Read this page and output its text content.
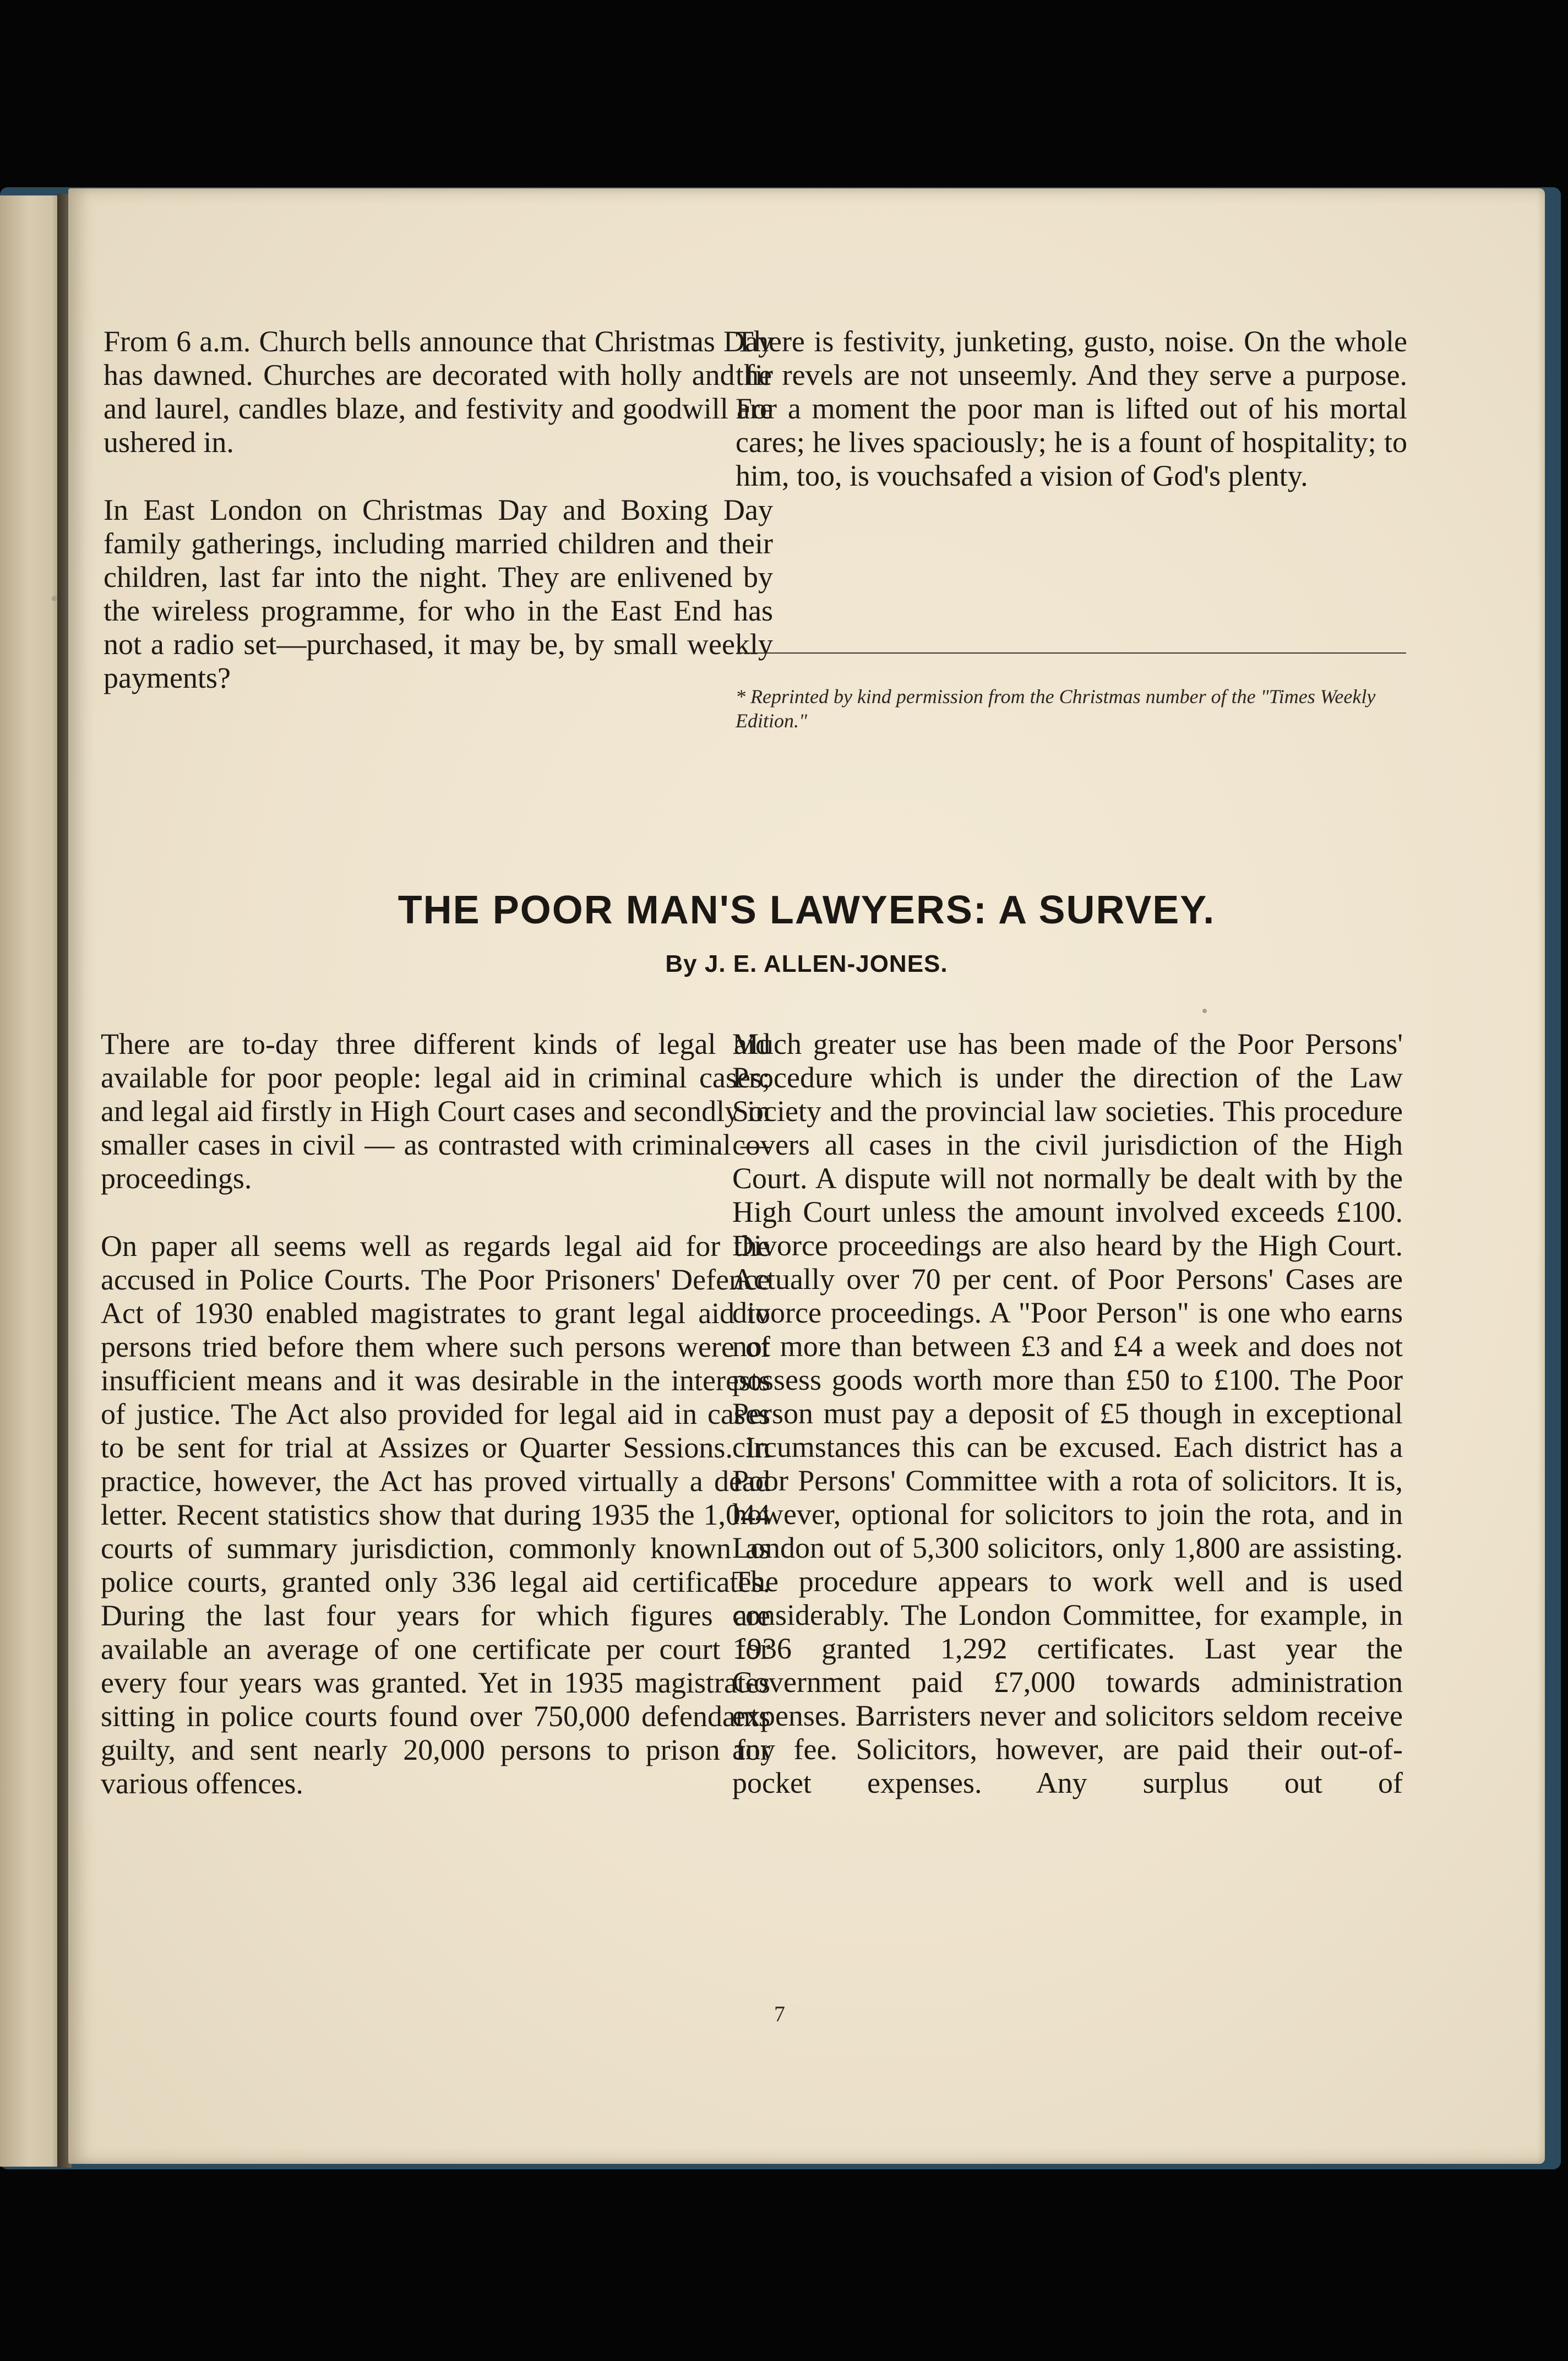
From 6 a.m. Church bells announce that Christmas Day has dawned. Churches are decorated with holly and fir and laurel, candles blaze, and festivity and goodwill are ushered in.

In East London on Christmas Day and Boxing Day family gatherings, including married children and their children, last far into the night. They are enlivened by the wireless programme, for who in the East End has not a radio set—purchased, it may be, by small weekly payments?

There is festivity, junketing, gusto, noise. On the whole the revels are not unseemly. And they serve a purpose. For a moment the poor man is lifted out of his mortal cares; he lives spaciously; he is a fount of hospitality; to him, too, is vouchsafed a vision of God's plenty.

* Reprinted by kind permission from the Christmas number of the "Times Weekly Edition."
THE POOR MAN'S LAWYERS: A SURVEY.
By J. E. ALLEN-JONES.

There are to-day three different kinds of legal aid available for poor people: legal aid in criminal cases; and legal aid firstly in High Court cases and secondly in smaller cases in civil — as contrasted with criminal — proceedings.

On paper all seems well as regards legal aid for the accused in Police Courts. The Poor Prisoners' Defence Act of 1930 enabled magistrates to grant legal aid to persons tried before them where such persons were of insufficient means and it was desirable in the interests of justice. The Act also provided for legal aid in cases to be sent for trial at Assizes or Quarter Sessions. In practice, however, the Act has proved virtually a dead letter. Recent statistics show that during 1935 the 1,044 courts of summary jurisdiction, commonly known as police courts, granted only 336 legal aid certificates. During the last four years for which figures are available an average of one certificate per court for every four years was granted. Yet in 1935 magistrates sitting in police courts found over 750,000 defendants guilty, and sent nearly 20,000 persons to prison for various offences.

Much greater use has been made of the Poor Persons' Procedure which is under the direction of the Law Society and the provincial law societies. This procedure covers all cases in the civil jurisdiction of the High Court. A dispute will not normally be dealt with by the High Court unless the amount involved exceeds £100. Divorce proceedings are also heard by the High Court. Actually over 70 per cent. of Poor Persons' Cases are divorce proceedings. A "Poor Person" is one who earns not more than between £3 and £4 a week and does not possess goods worth more than £50 to £100. The Poor Person must pay a deposit of £5 though in exceptional circumstances this can be excused. Each district has a Poor Persons' Committee with a rota of solicitors. It is, however, optional for solicitors to join the rota, and in London out of 5,300 solicitors, only 1,800 are assisting. The procedure appears to work well and is used considerably. The London Committee, for example, in 1936 granted 1,292 certificates. Last year the Government paid £7,000 towards administration expenses. Barristers never and solicitors seldom receive any fee. Solicitors, however, are paid their out-of-pocket expenses. Any surplus out of

7
